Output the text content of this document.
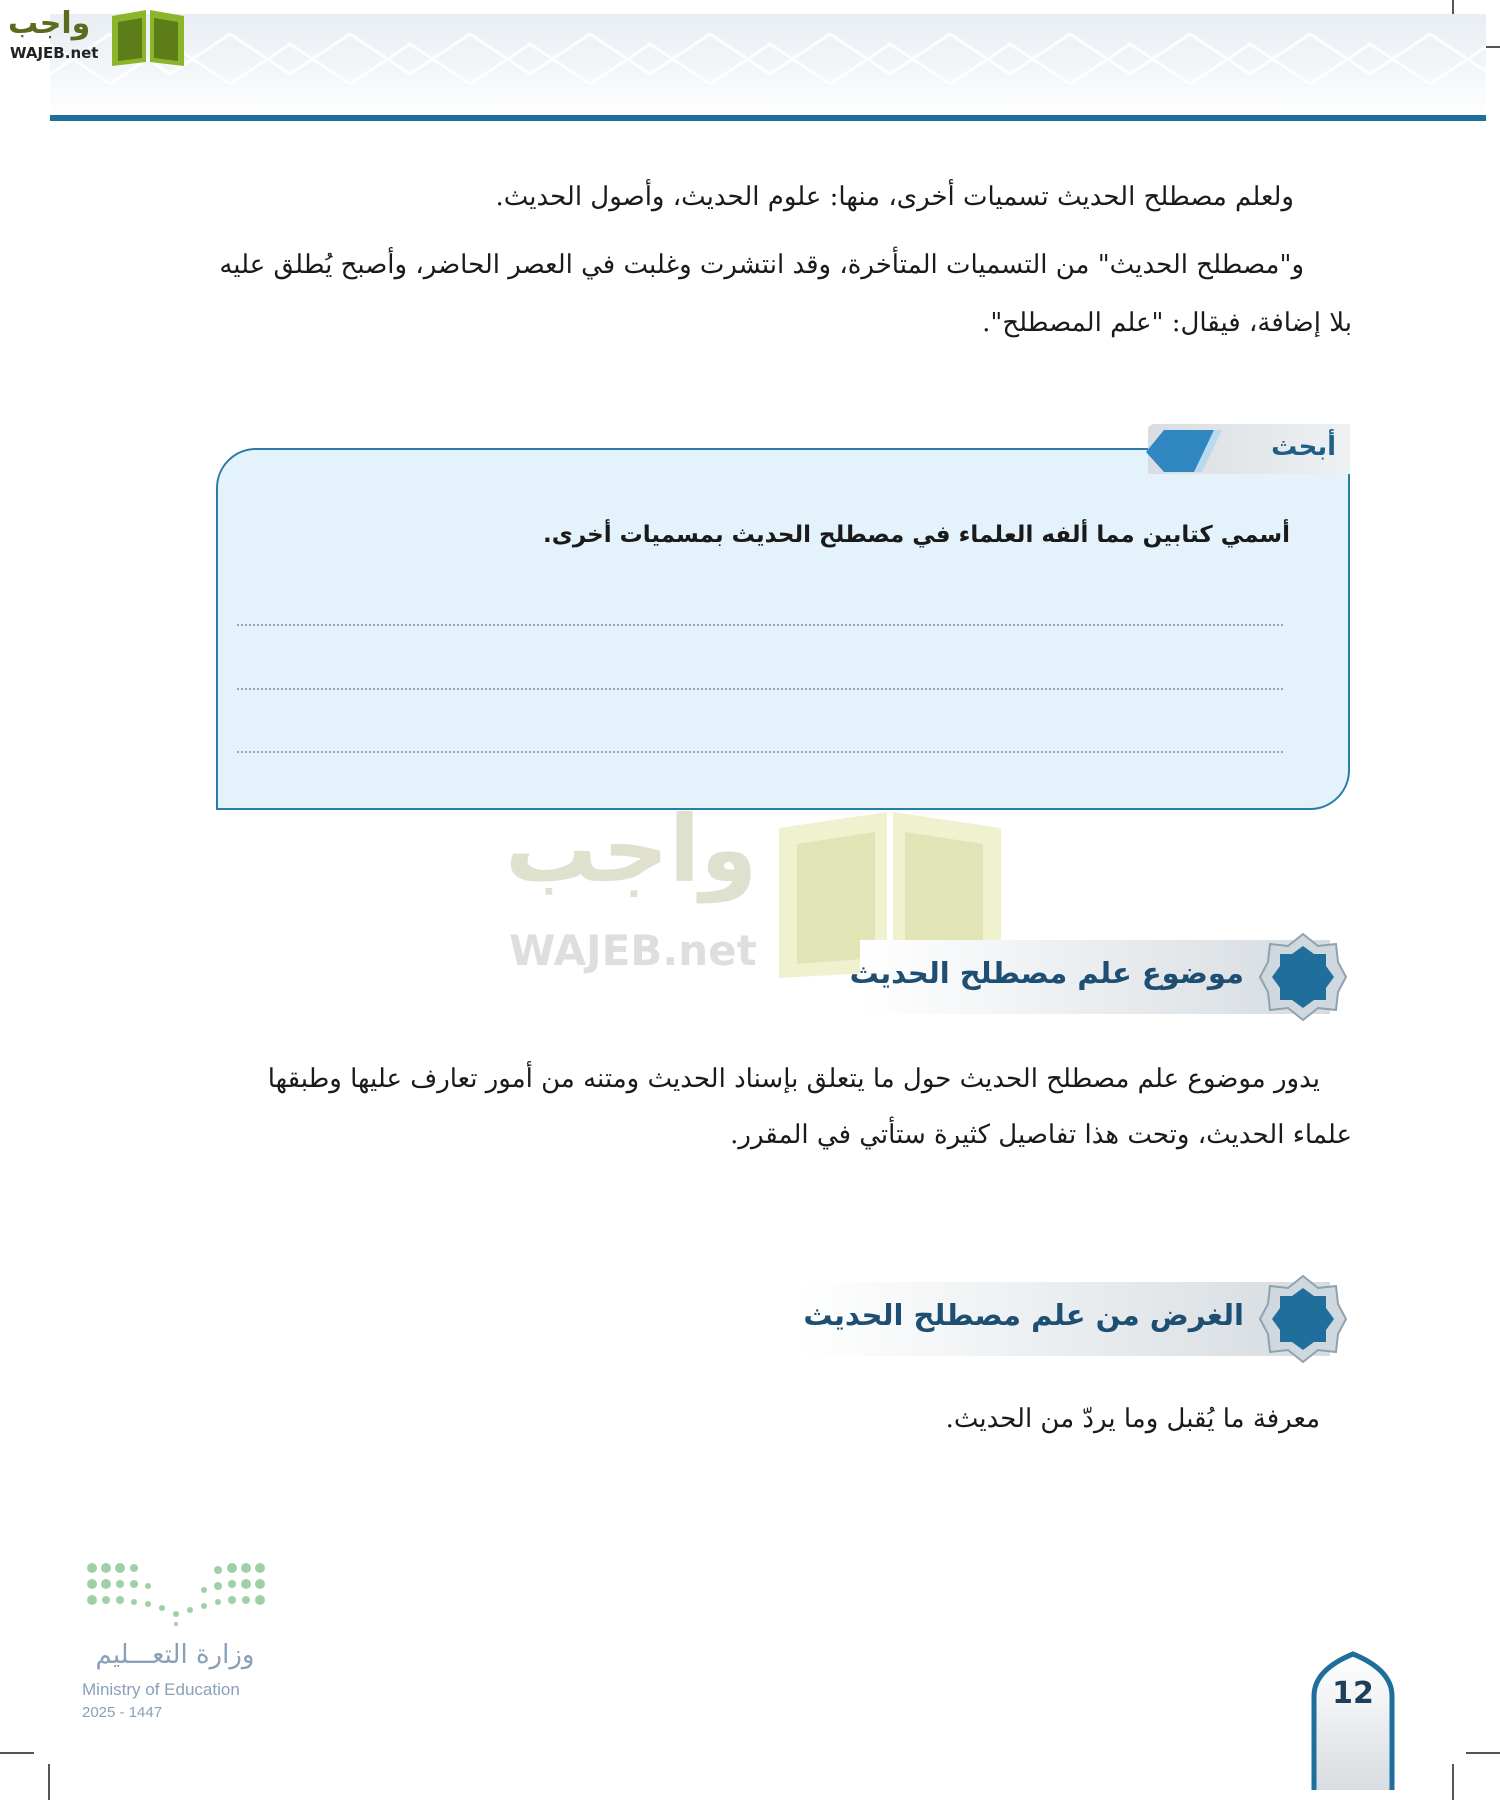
واجب
WAJEB.net
ولعلم مصطلح الحديث تسميات أخرى، منها: علوم الحديث، وأصول الحديث.
و"مصطلح الحديث" من التسميات المتأخرة، وقد انتشرت وغلبت في العصر الحاضر، وأصبح يُطلق عليه
بلا إضافة، فيقال: "علم المصطلح".
أبحث
أسمي كتابين مما ألفه العلماء في مصطلح الحديث بمسميات أخرى.
واجب
WAJEB.net	موضوع علم مصطلح الحديث
يدور موضوع علم مصطلح الحديث حول ما يتعلق بإسناد الحديث ومتنه من أمور تعارف عليها وطبقها
علماء الحديث، وتحت هذا تفاصيل كثيرة ستأتي في المقرر.
الغرض من علم مصطلح الحديث
معرفة ما يُقبل وما يردّ من الحديث.
وزارة التعـــليم
Ministry of Education
2025 - 1447
12
